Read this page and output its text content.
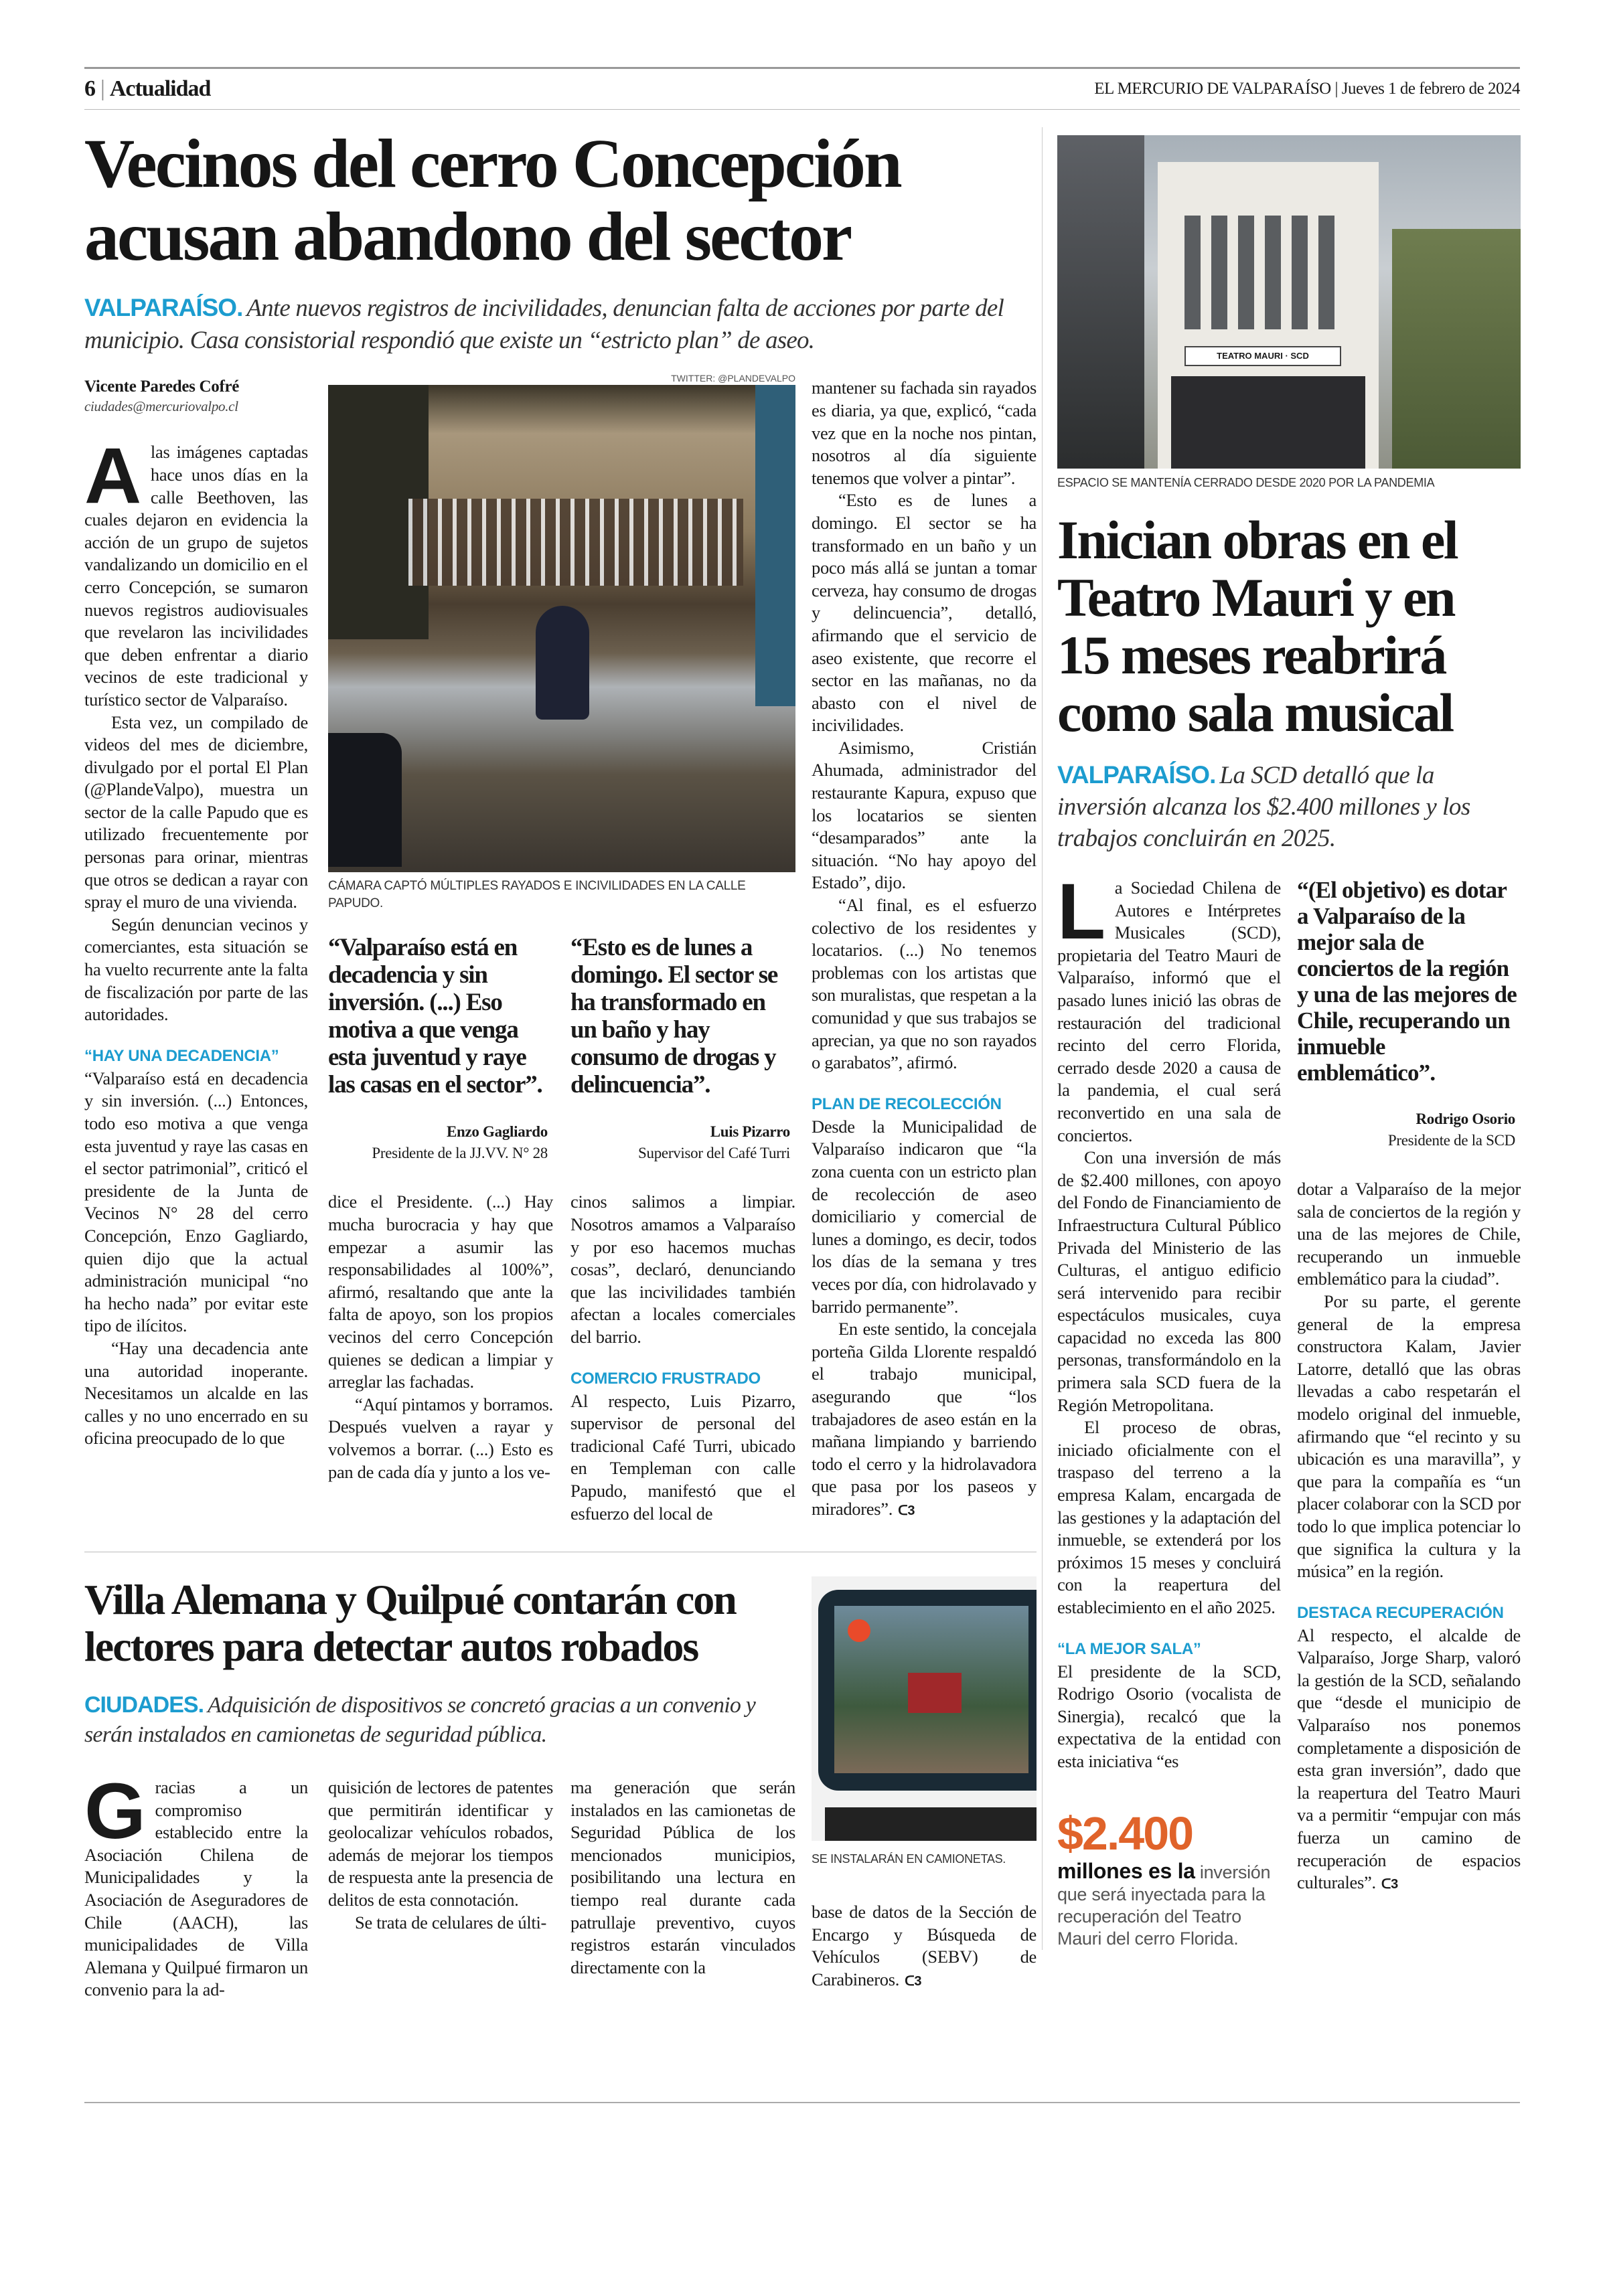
6 | Actualidad	EL MERCURIO DE VALPARAÍSO | Jueves 1 de febrero de 2024
Vecinos del cerro Concepción
acusan abandono del sector
VALPARAÍSO. Ante nuevos registros de incivilidades, denuncian falta de acciones por parte del municipio. Casa consistorial respondió que existe un “estricto plan” de aseo.
Vicente Paredes Cofré
ciudades@mercuriovalpo.cl

Alas imágenes captadas hace unos días en la calle Beethoven, las cuales dejaron en evidencia la acción de un grupo de sujetos vandalizando un domicilio en el cerro Concepción, se sumaron nuevos registros audiovisuales que revelaron las incivilidades que deben enfrentar a diario vecinos de este tradicional y turístico sector de Valparaíso.

Esta vez, un compilado de videos del mes de diciembre, divulgado por el portal El Plan (@PlandeValpo), muestra un sector de la calle Papudo que es utilizado frecuentemente por personas para orinar, mientras que otros se dedican a rayar con spray el muro de una vivienda.

Según denuncian vecinos y comerciantes, esta situación se ha vuelto recurrente ante la falta de fiscalización por parte de las autoridades.

“HAY UNA DECADENCIA”

“Valparaíso está en decadencia y sin inversión. (...) Entonces, todo eso motiva a que venga esta juventud y raye las casas en el sector patrimonial”, criticó el presidente de la Junta de Vecinos N° 28 del cerro Concepción, Enzo Gagliardo, quien dijo que la actual administración municipal “no ha hecho nada” por evitar este tipo de ilícitos.

“Hay una decadencia ante una autoridad inoperante. Necesitamos un alcalde en las calles y no uno encerrado en su oficina preocupado de lo que

TWITTER: @PLANDEVALPO
CÁMARA CAPTÓ MÚLTIPLES RAYADOS E INCIVILIDADES EN LA CALLE PAPUDO.
“Valparaíso está en decadencia y sin inversión. (...) Eso motiva a que venga esta juventud y raye las casas en el sector”.
Enzo Gagliardo
Presidente de la JJ.VV. N° 28

dice el Presidente. (...) Hay mucha burocracia y hay que empezar a asumir las responsabilidades al 100%”, afirmó, resaltando que ante la falta de apoyo, son los propios vecinos del cerro Concepción quienes se dedican a limpiar y arreglar las fachadas.

“Aquí pintamos y borramos. Después vuelven a rayar y volvemos a borrar. (...) Esto es pan de cada día y junto a los ve-

“Esto es de lunes a domingo. El sector se ha transformado en un baño y hay consumo de drogas y delincuencia”.
Luis Pizarro
Supervisor del Café Turri

cinos salimos a limpiar. Nosotros amamos a Valparaíso y por eso hacemos muchas cosas”, declaró, denunciando que las incivilidades también afectan a locales comerciales del barrio.

COMERCIO FRUSTRADO

Al respecto, Luis Pizarro, supervisor de personal del tradicional Café Turri, ubicado en Templeman con calle Papudo, manifestó que el esfuerzo del local de

mantener su fachada sin rayados es diaria, ya que, explicó, “cada vez que en la noche nos pintan, nosotros al día siguiente tenemos que volver a pintar”.

“Esto es de lunes a domingo. El sector se ha transformado en un baño y un poco más allá se juntan a tomar cerveza, hay consumo de drogas y delincuencia”, detalló, afirmando que el servicio de aseo existente, que recorre el sector en las mañanas, no da abasto con el nivel de incivilidades.

Asimismo, Cristián Ahumada, administrador del restaurante Kapura, expuso que los locatarios se sienten “desamparados” ante la situación. “No hay apoyo del Estado”, dijo.

“Al final, es el esfuerzo colectivo de los residentes y locatarios. (...) No tenemos problemas con los artistas que son muralistas, que respetan a la comunidad y que sus trabajos se aprecian, ya que no son rayados o garabatos”, afirmó.

PLAN DE RECOLECCIÓN

Desde la Municipalidad de Valparaíso indicaron que “la zona cuenta con un estricto plan de recolección de aseo domiciliario y comercial de lunes a domingo, es decir, todos los días de la semana y tres veces por día, con hidrolavado y barrido permanente”.

En este sentido, la concejala porteña Gilda Llorente respaldó el trabajo municipal, asegurando que “los trabajadores de aseo están en la mañana limpiando y barriendo todo el cerro y la hidrolavadora que pasa por los paseos y miradores”. ᑕ3

Villa Alemana y Quilpué contarán con
lectores para detectar autos robados
CIUDADES. Adquisición de dispositivos se concretó gracias a un convenio y serán instalados en camionetas de seguridad pública.

Gracias a un compromiso establecido entre la Asociación Chilena de Municipalidades y la Asociación de Aseguradores de Chile (AACH), las municipalidades de Villa Alemana y Quilpué firmaron un convenio para la ad-

quisición de lectores de patentes que permitirán identificar y geolocalizar vehículos robados, además de mejorar los tiempos de respuesta ante la presencia de delitos de esta connotación.

Se trata de celulares de últi-

ma generación que serán instalados en las camionetas de Seguridad Pública de los mencionados municipios, posibilitando una lectura en tiempo real durante cada patrullaje preventivo, cuyos registros estarán vinculados directamente con la

SE INSTALARÁN EN CAMIONETAS.

base de datos de la Sección de Encargo y Búsqueda de Vehículos (SEBV) de Carabineros. ᑕ3

TEATRO MAURI · SCD
ESPACIO SE MANTENÍA CERRADO DESDE 2020 POR LA PANDEMIA
Inician obras en el
Teatro Mauri y en
15 meses reabrirá
como sala musical
VALPARAÍSO. La SCD detalló que la inversión alcanza los $2.400 millones y los trabajos concluirán en 2025.

La Sociedad Chilena de Autores e Intérpretes Musicales (SCD), propietaria del Teatro Mauri de Valparaíso, informó que el pasado lunes inició las obras de restauración del tradicional recinto del cerro Florida, cerrado desde 2020 a causa de la pandemia, el cual será reconvertido en una sala de conciertos.

Con una inversión de más de $2.400 millones, con apoyo del Fondo de Financiamiento de Infraestructura Cultural Público Privada del Ministerio de las Culturas, el antiguo edificio será intervenido para recibir espectáculos musicales, cuya capacidad no exceda las 800 personas, transformándolo en la primera sala SCD fuera de la Región Metropolitana.

El proceso de obras, iniciado oficialmente con el traspaso del terreno a la empresa Kalam, encargada de las gestiones y la adaptación del inmueble, se extenderá por los próximos 15 meses y concluirá con la reapertura del establecimiento en el año 2025.

“LA MEJOR SALA”

El presidente de la SCD, Rodrigo Osorio (vocalista de Sinergia), recalcó que la expectativa de la entidad con esta iniciativa “es

$2.400
millones es la inversión que será inyectada para la recuperación del Teatro Mauri del cerro Florida.
“(El objetivo) es dotar a Valparaíso de la mejor sala de conciertos de la región y una de las mejores de Chile, recuperando un inmueble emblemático”.
Rodrigo Osorio
Presidente de la SCD

dotar a Valparaíso de la mejor sala de conciertos de la región y una de las mejores de Chile, recuperando un inmueble emblemático para la ciudad”.

Por su parte, el gerente general de la empresa constructora Kalam, Javier Latorre, detalló que las obras llevadas a cabo respetarán el modelo original del inmueble, afirmando que “el recinto y su ubicación es una maravilla”, y que para la compañía es “un placer colaborar con la SCD por todo lo que implica potenciar lo que significa la cultura y la música” en la región.

DESTACA RECUPERACIÓN

Al respecto, el alcalde de Valparaíso, Jorge Sharp, valoró la gestión de la SCD, señalando que “desde el municipio de Valparaíso nos ponemos completamente a disposición de esta gran inversión”, dado que la reapertura del Teatro Mauri va a permitir “empujar con más fuerza un camino de recuperación de espacios culturales”. ᑕ3
